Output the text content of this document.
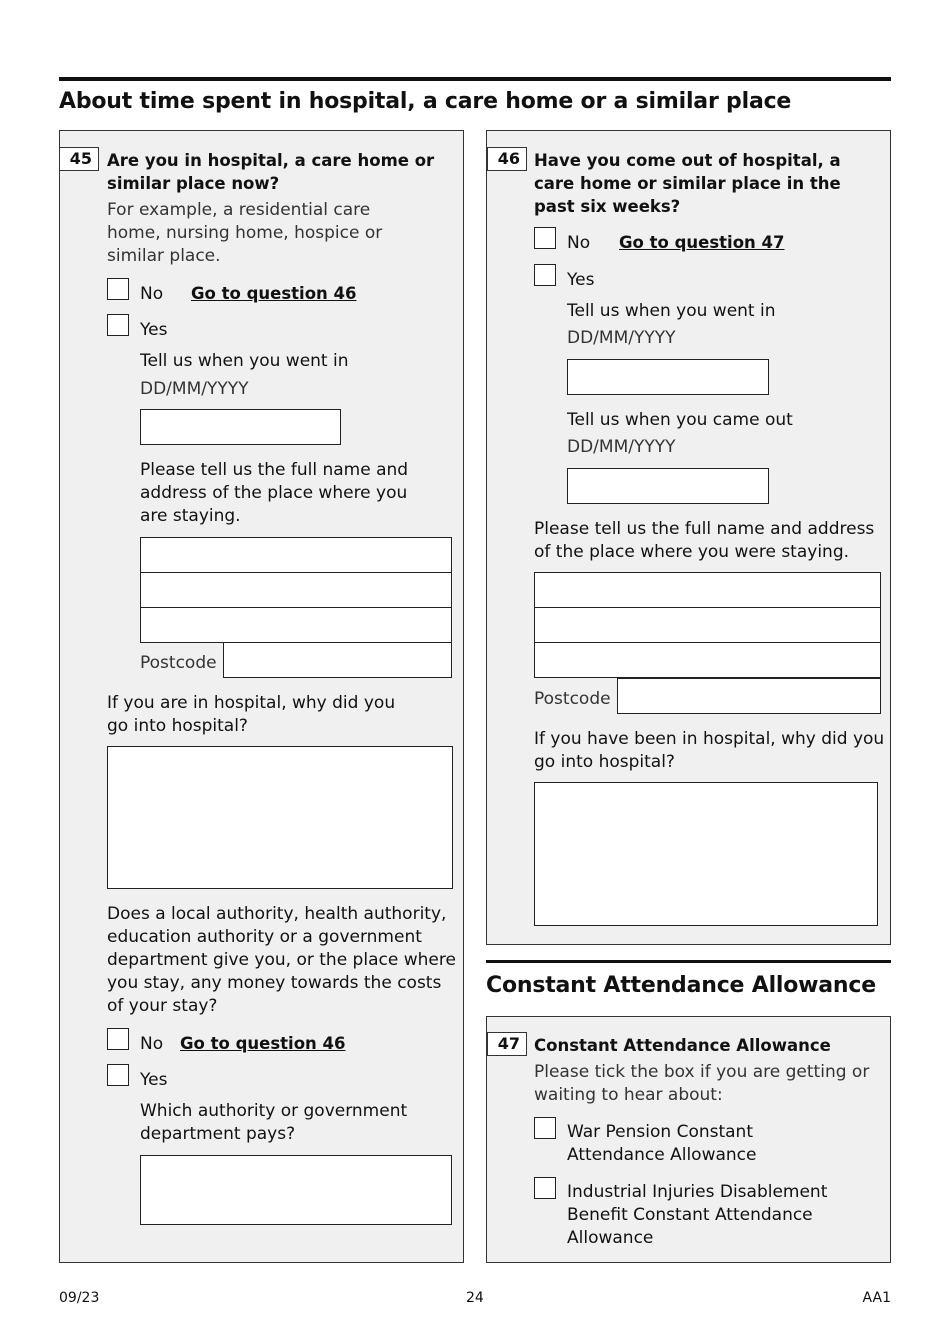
About time spent in hospital, a care home or a similar place
45 Are you in hospital, a care home or similar place now?
For example, a residential care home, nursing home, hospice or similar place.
No Go to question 46
Yes
Tell us when you went in
DD/MM/YYYY
Please tell us the full name and address of the place where you are staying.
Postcode
If you are in hospital, why did you go into hospital?
Does a local authority, health authority, education authority or a government department give you, or the place where you stay, any money towards the costs of your stay?
No Go to question 46
Yes
Which authority or government department pays?
46 Have you come out of hospital, a care home or similar place in the past six weeks?
No Go to question 47
Yes
Tell us when you went in
DD/MM/YYYY
Tell us when you came out
DD/MM/YYYY
Please tell us the full name and address of the place where you were staying.
Postcode
If you have been in hospital, why did you go into hospital?
Constant Attendance Allowance
47 Constant Attendance Allowance
Please tick the box if you are getting or waiting to hear about:
War Pension Constant Attendance Allowance
Industrial Injuries Disablement Benefit Constant Attendance Allowance
09/23	24	AA1
